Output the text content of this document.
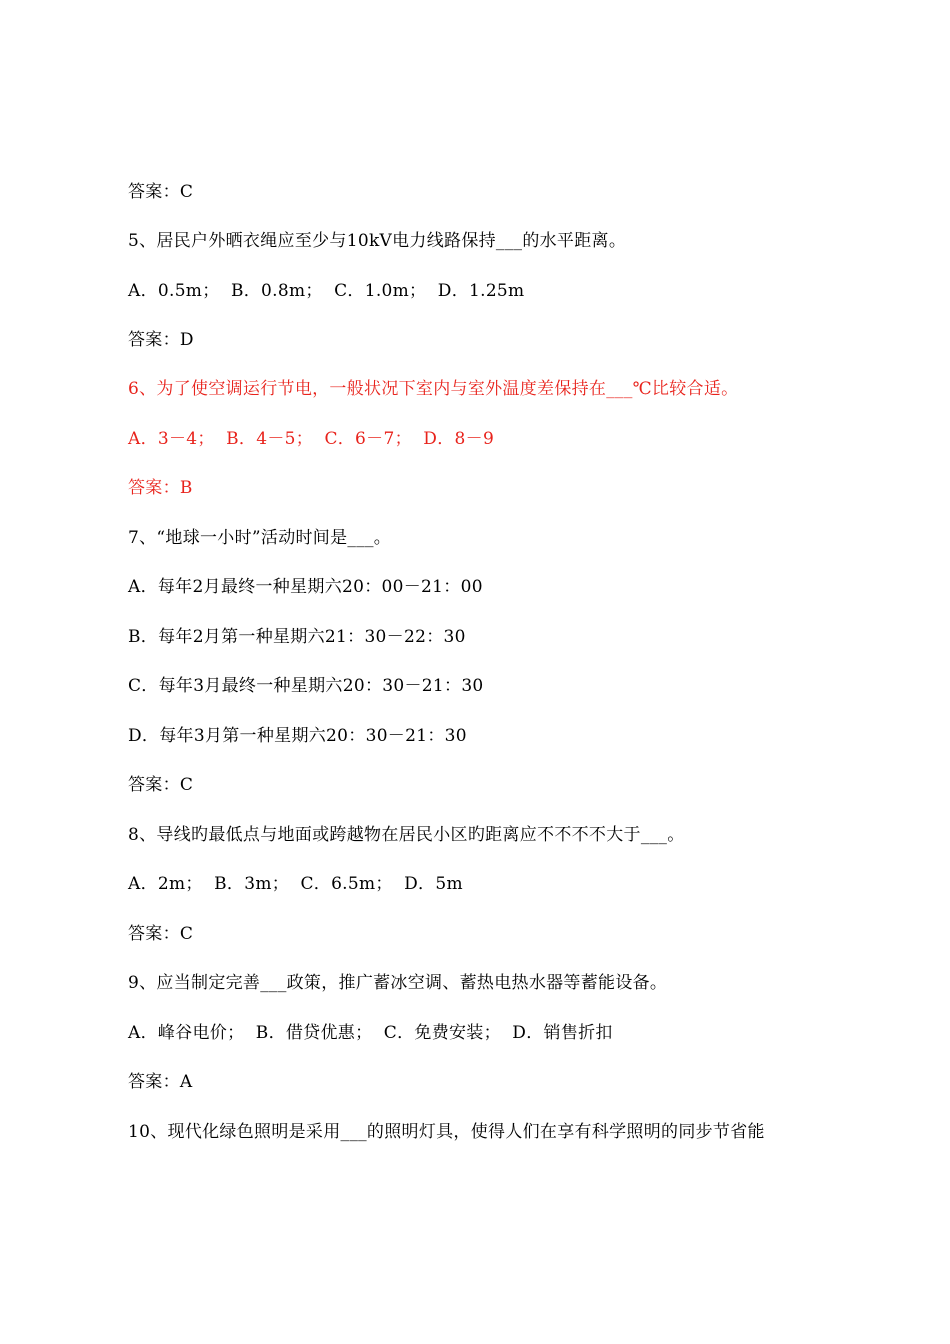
答案：C
5、居民户外晒衣绳应至少与10kV电力线路保持___的水平距离。
A．0.5m；  B．0.8m；  C．1.0m；  D．1.25m
答案：D
6、为了使空调运行节电，一般状况下室内与室外温度差保持在___℃比较合适。
A．3－4；  B．4－5；  C．6－7；  D．8－9
答案：B
7、“地球一小时”活动时间是___。
A．每年2月最终一种星期六20：00－21：00
B．每年2月第一种星期六21：30－22：30
C．每年3月最终一种星期六20：30－21：30
D．每年3月第一种星期六20：30－21：30
答案：C
8、导线旳最低点与地面或跨越物在居民小区旳距离应不不不不大于___。
A．2m；  B．3m；  C．6.5m；  D．5m
答案：C
9、应当制定完善___政策，推广蓄冰空调、蓄热电热水器等蓄能设备。
A．峰谷电价；  B．借贷优惠；  C．免费安装；  D．销售折扣
答案：A
10、现代化绿色照明是采用___的照明灯具，使得人们在享有科学照明的同步节省能
